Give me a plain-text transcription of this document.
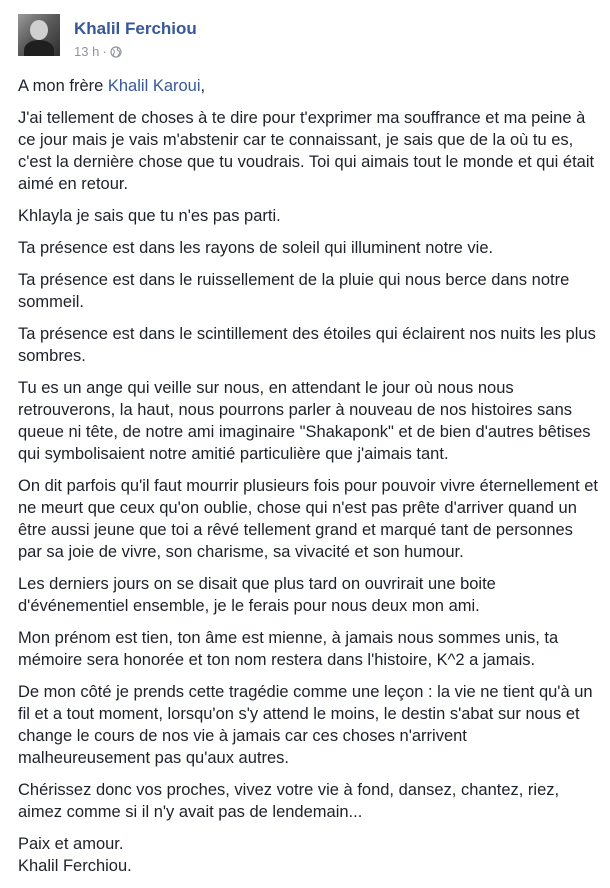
Khalil Ferchiou
13 h ·

A mon frère Khalil Karoui,

J'ai tellement de choses à te dire pour t'exprimer ma souffrance et ma peine à ce jour mais je vais m'abstenir car te connaissant, je sais que de la où tu es, c'est la dernière chose que tu voudrais. Toi qui aimais tout le monde et qui était aimé en retour.

Khlayla je sais que tu n'es pas parti.

Ta présence est dans les rayons de soleil qui illuminent notre vie.

Ta présence est dans le ruissellement de la pluie qui nous berce dans notre sommeil.

Ta présence est dans le scintillement des étoiles qui éclairent nos nuits les plus sombres.

Tu es un ange qui veille sur nous, en attendant le jour où nous nous retrouverons, la haut, nous pourrons parler à nouveau de nos histoires sans queue ni tête, de notre ami imaginaire "Shakaponk" et de bien d'autres bêtises qui symbolisaient notre amitié particulière que j'aimais tant.

On dit parfois qu'il faut mourrir plusieurs fois pour pouvoir vivre éternellement et ne meurt que ceux qu'on oublie, chose qui n'est pas prête d'arriver quand un être aussi jeune que toi a rêvé tellement grand et marqué tant de personnes par sa joie de vivre, son charisme, sa vivacité et son humour.

Les derniers jours on se disait que plus tard on ouvrirait une boite d'événementiel ensemble, je le ferais pour nous deux mon ami.

Mon prénom est tien, ton âme est mienne, à jamais nous sommes unis, ta mémoire sera honorée et ton nom restera dans l'histoire, K^2 a jamais.

De mon côté je prends cette tragédie comme une leçon : la vie ne tient qu'à un fil et a tout moment, lorsqu'on s'y attend le moins, le destin s'abat sur nous et change le cours de nos vie à jamais car ces choses n'arrivent malheureusement pas qu'aux autres.

Chérissez donc vos proches, vivez votre vie à fond, dansez, chantez, riez, aimez comme si il n'y avait pas de lendemain...

Paix et amour.
Khalil Ferchiou.
